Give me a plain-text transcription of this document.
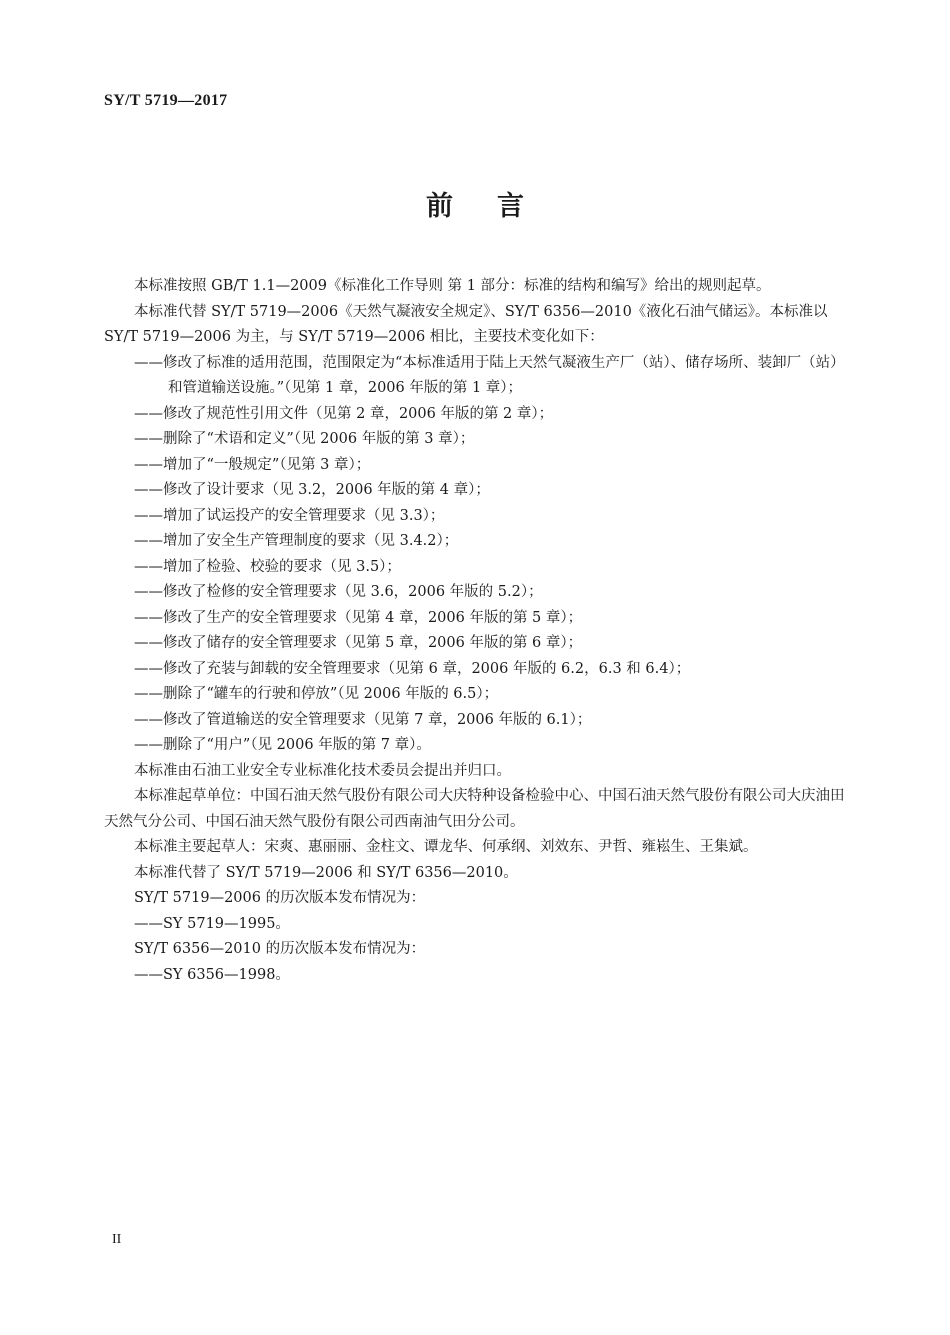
SY/T 5719—2017
前 言

本标准按照 GB/T 1.1—2009《标准化工作导则 第 1 部分：标准的结构和编写》给出的规则起草。

本标准代替 SY/T 5719—2006《天然气凝液安全规定》、SY/T 6356—2010《液化石油气储运》。本标准以 SY/T 5719—2006 为主，与 SY/T 5719—2006 相比，主要技术变化如下：

——修改了标准的适用范围，范围限定为“本标准适用于陆上天然气凝液生产厂（站）、储存场所、装卸厂（站）和管道输送设施。”（见第 1 章，2006 年版的第 1 章）；

——修改了规范性引用文件（见第 2 章，2006 年版的第 2 章）；

——删除了“术语和定义”（见 2006 年版的第 3 章）；

——增加了“一般规定”（见第 3 章）；

——修改了设计要求（见 3.2，2006 年版的第 4 章）；

——增加了试运投产的安全管理要求（见 3.3）；

——增加了安全生产管理制度的要求（见 3.4.2）；

——增加了检验、校验的要求（见 3.5）；

——修改了检修的安全管理要求（见 3.6，2006 年版的 5.2）；

——修改了生产的安全管理要求（见第 4 章，2006 年版的第 5 章）；

——修改了储存的安全管理要求（见第 5 章，2006 年版的第 6 章）；

——修改了充装与卸载的安全管理要求（见第 6 章，2006 年版的 6.2，6.3 和 6.4）；

——删除了“罐车的行驶和停放”（见 2006 年版的 6.5）；

——修改了管道输送的安全管理要求（见第 7 章，2006 年版的 6.1）；

——删除了“用户”（见 2006 年版的第 7 章）。

本标准由石油工业安全专业标准化技术委员会提出并归口。

本标准起草单位：中国石油天然气股份有限公司大庆特种设备检验中心、中国石油天然气股份有限公司大庆油田天然气分公司、中国石油天然气股份有限公司西南油气田分公司。

本标准主要起草人：宋爽、惠丽丽、金柱文、谭龙华、何承纲、刘效东、尹哲、雍崧生、王集斌。

本标准代替了 SY/T 5719—2006 和 SY/T 6356—2010。

SY/T 5719—2006 的历次版本发布情况为：

——SY 5719—1995。

SY/T 6356—2010 的历次版本发布情况为：

——SY 6356—1998。

II
